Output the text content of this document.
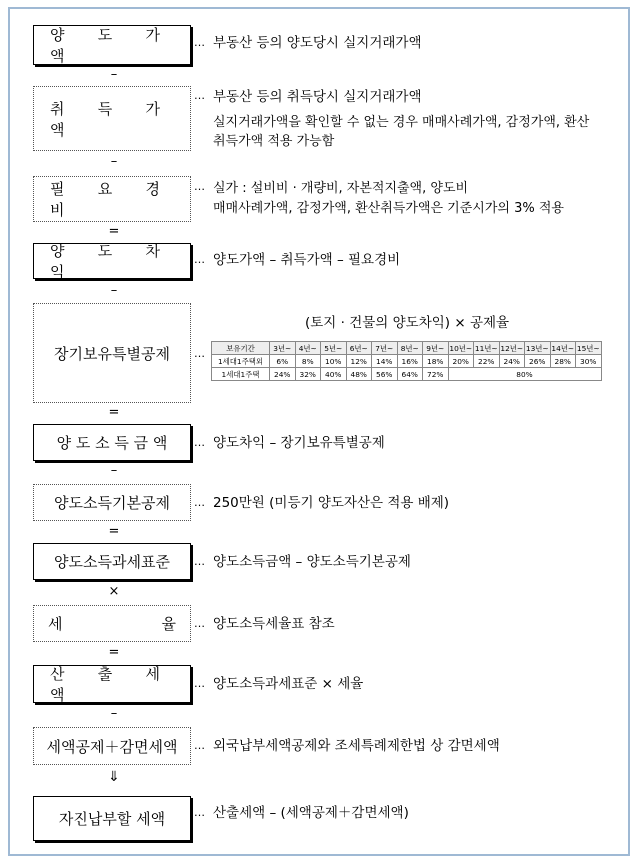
양 도 가 액
… 부동산 등의 양도당시 실지거래가액
–
취 득 가 액
… 부동산 등의 취득당시 실지거래가액
실지거래가액을 확인할 수 없는 경우 매매사례가액, 감정가액, 환산
취득가액 적용 가능함
–
필 요 경 비
… 실가 : 설비비 · 개량비, 자본적지출액, 양도비
매매사례가액, 감정가액, 환산취득가액은 기준시가의 3% 적용
=
양 도 차 익
… 양도가액 – 취득가액 – 필요경비
–
장기보유특별공제 …
(토지 · 건물의 양도차익) × 공제율
보유기간	3년~	4년~	5년~	6년~	7년~	8년~	9년~	10년~	11년~	12년~	13년~	14년~	15년~
1세대1주택외	6%	8%	10%	12%	14%	16%	18%	20%	22%	24%	26%	28%	30%
1세대1주택	24%	32%	40%	48%	56%	64%	72%	80%					
=
양 도 소 득 금 액 … 양도차익 – 장기보유특별공제
–
양도소득기본공제 … 250만원 (미등기 양도자산은 적용 배제)
=
양도소득과세표준 … 양도소득금액 – 양도소득기본공제
×
세	율 … 양도소득세율표 참조
=
산 출 세 액
… 양도소득과세표준 × 세율
–
세액공제＋감면세액 … 외국납부세액공제와 조세특례제한법 상 감면세액
⇓
자진납부할 세액	… 산출세액 – (세액공제＋감면세액)
